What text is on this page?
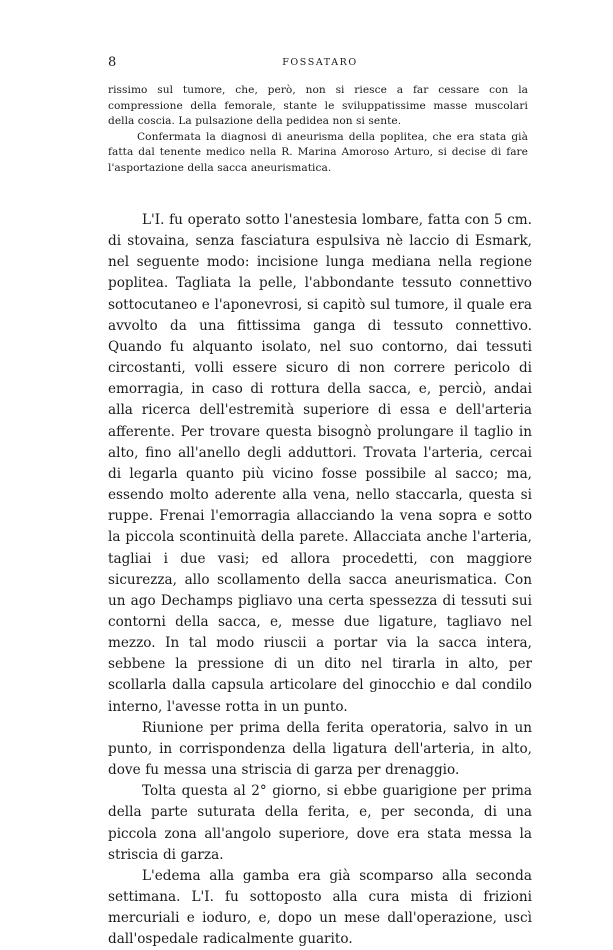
8	FOSSATARO

rissimo sul tumore, che, però, non si riesce a far cessare con la compressione della femorale, stante le sviluppatissime masse muscolari della coscia. La pulsazione della pedidea non si sente.

Confermata la diagnosi di aneurisma della poplitea, che era stata già fatta dal tenente medico nella R. Marina Amoroso Arturo, si decise di fare l'asportazione della sacca aneurismatica.

L'I. fu operato sotto l'anestesia lombare, fatta con 5 cm. di stovaina, senza fasciatura espulsiva nè laccio di Esmark, nel seguente modo: incisione lunga mediana nella regione poplitea. Tagliata la pelle, l'abbondante tessuto connettivo sottocutaneo e l'aponevrosi, si capitò sul tumore, il quale era avvolto da una fittissima ganga di tessuto connettivo. Quando fu alquanto isolato, nel suo contorno, dai tessuti circostanti, volli essere sicuro di non correre pericolo di emorragia, in caso di rottura della sacca, e, perciò, andai alla ricerca dell'estremità superiore di essa e dell'arteria afferente. Per trovare questa bisognò prolungare il taglio in alto, fino all'anello degli adduttori. Trovata l'arteria, cercai di legarla quanto più vicino fosse possibile al sacco; ma, essendo molto aderente alla vena, nello staccarla, questa si ruppe. Frenai l'emorragia allacciando la vena sopra e sotto la piccola scontinuità della parete. Allacciata anche l'arteria, tagliai i due vasi; ed allora procedetti, con maggiore sicurezza, allo scollamento della sacca aneurismatica. Con un ago Dechamps pigliavo una certa spessezza di tessuti sui contorni della sacca, e, messe due ligature, tagliavo nel mezzo. In tal modo riuscii a portar via la sacca intera, sebbene la pressione di un dito nel tirarla in alto, per scollarla dalla capsula articolare del ginocchio e dal condilo interno, l'avesse rotta in un punto.

Riunione per prima della ferita operatoria, salvo in un punto, in corrispondenza della ligatura dell'arteria, in alto, dove fu messa una striscia di garza per drenaggio.

Tolta questa al 2° giorno, si ebbe guarigione per prima della parte suturata della ferita, e, per seconda, di una piccola zona all'angolo superiore, dove era stata messa la striscia di garza.

L'edema alla gamba era già scomparso alla seconda settimana. L'I. fu sottoposto alla cura mista di frizioni mercuriali e ioduro, e, dopo un mese dall'operazione, uscì dall'ospedale radicalmente guarito.
